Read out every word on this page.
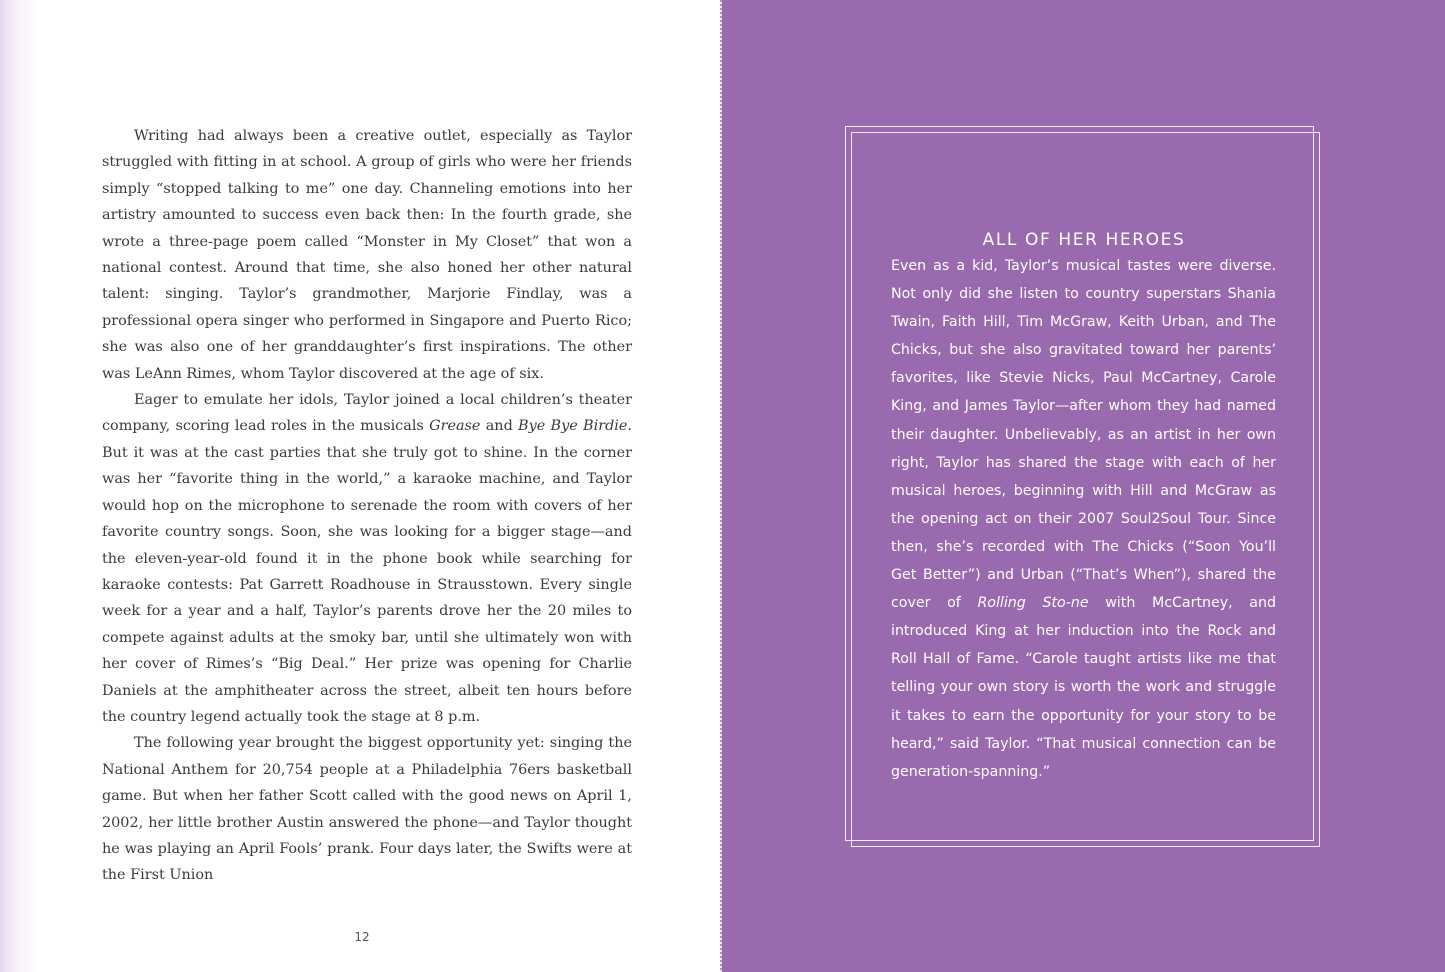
Writing had always been a creative outlet, especially as Taylor struggled with fitting in at school. A group of girls who were her friends simply “stopped talking to me” one day. Channeling emotions into her artistry amounted to success even back then: In the fourth grade, she wrote a three-page poem called “Monster in My Closet” that won a national contest. Around that time, she also honed her other natural talent: singing. Taylor’s grandmother, Marjorie Findlay, was a professional opera singer who performed in Singapore and Puerto Rico; she was also one of her granddaughter’s first inspirations. The other was LeAnn Rimes, whom Taylor discovered at the age of six.

Eager to emulate her idols, Taylor joined a local children’s theater company, scoring lead roles in the musicals Grease and Bye Bye Birdie. But it was at the cast parties that she truly got to shine. In the corner was her “favorite thing in the world,” a karaoke machine, and Taylor would hop on the microphone to serenade the room with covers of her favorite country songs. Soon, she was looking for a bigger stage—and the eleven-year-old found it in the phone book while searching for karaoke contests: Pat Garrett Roadhouse in Strausstown. Every single week for a year and a half, Taylor’s parents drove her the 20 miles to compete against adults at the smoky bar, until she ultimately won with her cover of Rimes’s “Big Deal.” Her prize was opening for Charlie Daniels at the amphitheater across the street, albeit ten hours before the country legend actually took the stage at 8 p.m.

The following year brought the biggest opportunity yet: singing the National Anthem for 20,754 people at a Philadelphia 76ers basketball game. But when her father Scott called with the good news on April 1, 2002, her little brother Austin answered the phone—and Taylor thought he was playing an April Fools’ prank. Four days later, the Swifts were at the First Union

12
ALL OF HER HEROES

Even as a kid, Taylor’s musical tastes were diverse. Not only did she listen to country superstars Shania Twain, Faith Hill, Tim McGraw, Keith Urban, and The Chicks, but she also gravitated toward her parents’ favorites, like Stevie Nicks, Paul McCartney, Carole King, and James Taylor—after whom they had named their daughter. Unbelievably, as an artist in her own right, Taylor has shared the stage with each of her musical heroes, beginning with Hill and McGraw as the opening act on their 2007 Soul2Soul Tour. Since then, she’s recorded with The Chicks (“Soon You’ll Get Better”) and Urban (“That’s When”), shared the cover of Rolling Sto-ne with McCartney, and introduced King at her induction into the Rock and Roll Hall of Fame. “Carole taught artists like me that telling your own story is worth the work and struggle it takes to earn the opportunity for your story to be heard,” said Taylor. “That musical connection can be generation-spanning.”
